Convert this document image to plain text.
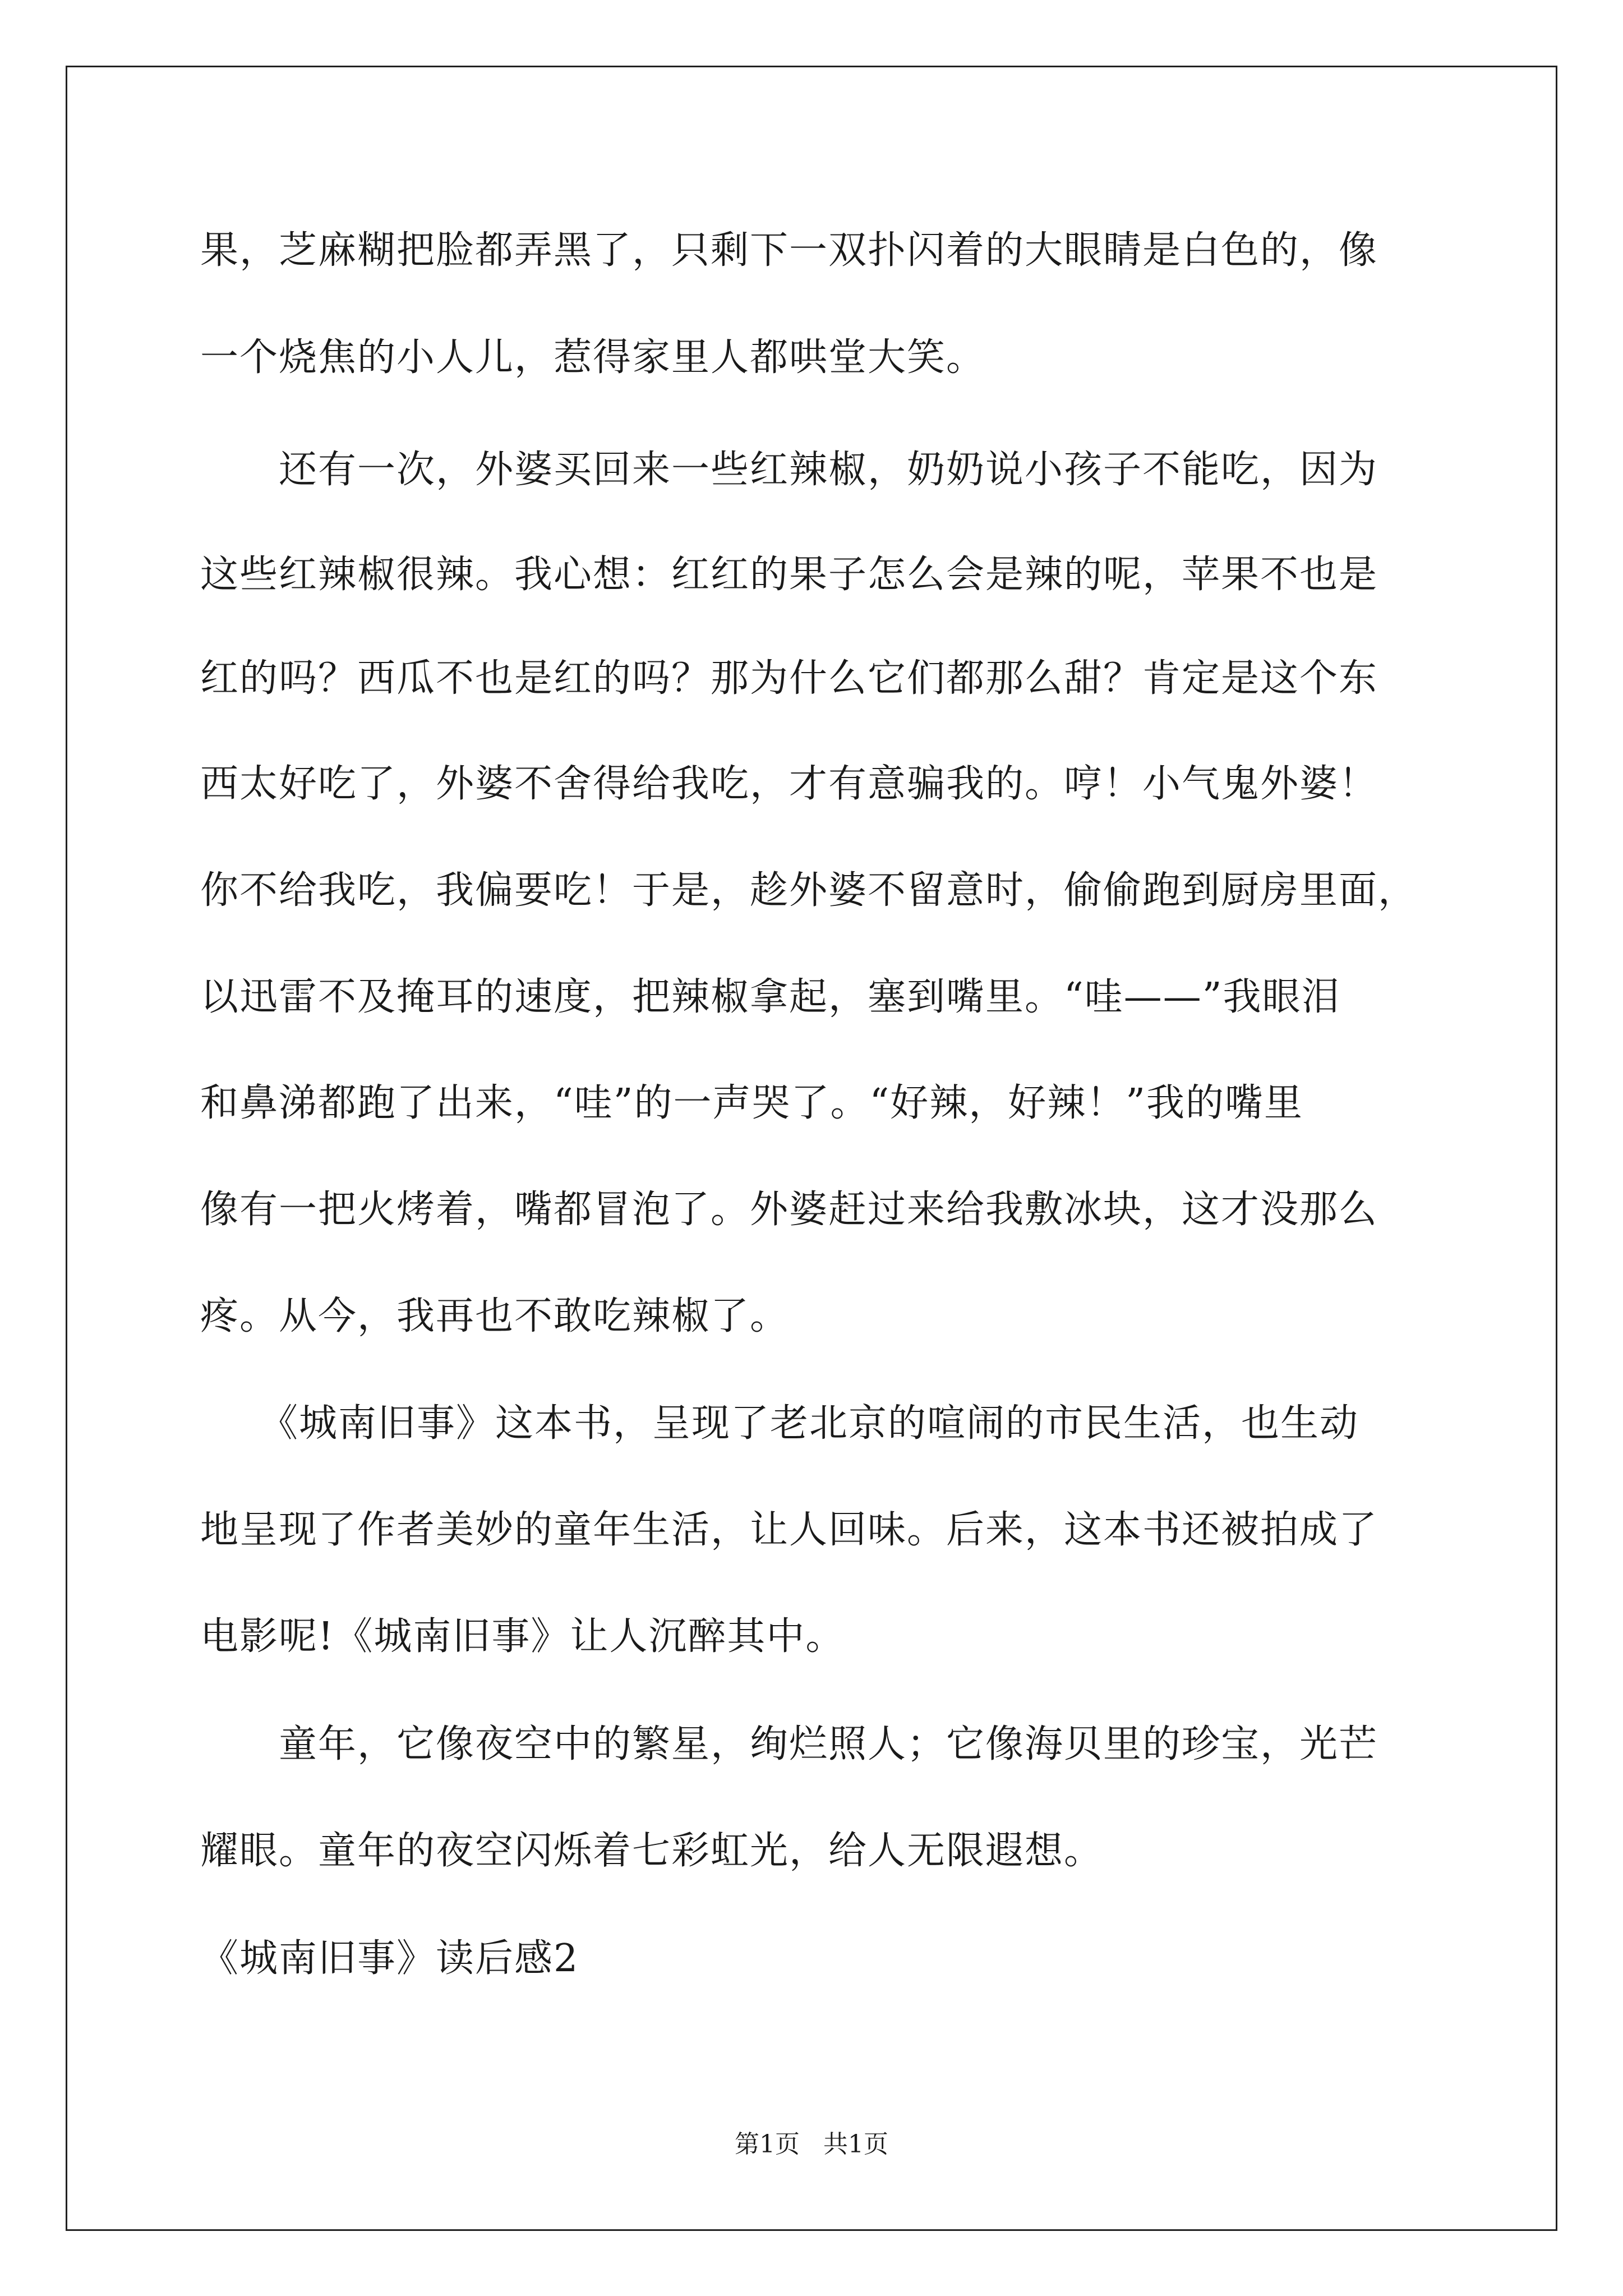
果，芝麻糊把脸都弄黑了，只剩下一双扑闪着的大眼睛是白色的，像
一个烧焦的小人儿，惹得家里人都哄堂大笑。
　　还有一次，外婆买回来一些红辣椒，奶奶说小孩子不能吃，因为
这些红辣椒很辣。我心想：红红的果子怎么会是辣的呢，苹果不也是
红的吗？西瓜不也是红的吗？那为什么它们都那么甜？肯定是这个东
西太好吃了，外婆不舍得给我吃，才有意骗我的。哼！小气鬼外婆！
你不给我吃，我偏要吃！于是，趁外婆不留意时，偷偷跑到厨房里面，
以迅雷不及掩耳的速度，把辣椒拿起，塞到嘴里。“哇——”我眼泪
和鼻涕都跑了出来，“哇”的一声哭了。“好辣，好辣！”我的嘴里
像有一把火烤着，嘴都冒泡了。外婆赶过来给我敷冰块，这才没那么
疼。从今，我再也不敢吃辣椒了。
　　《城南旧事》这本书，呈现了老北京的喧闹的市民生活，也生动
地呈现了作者美妙的童年生活，让人回味。后来，这本书还被拍成了
电影呢!《城南旧事》让人沉醉其中。
　　童年，它像夜空中的繁星，绚烂照人；它像海贝里的珍宝，光芒
耀眼。童年的夜空闪烁着七彩虹光，给人无限遐想。
《城南旧事》读后感2
第1页   共1页
